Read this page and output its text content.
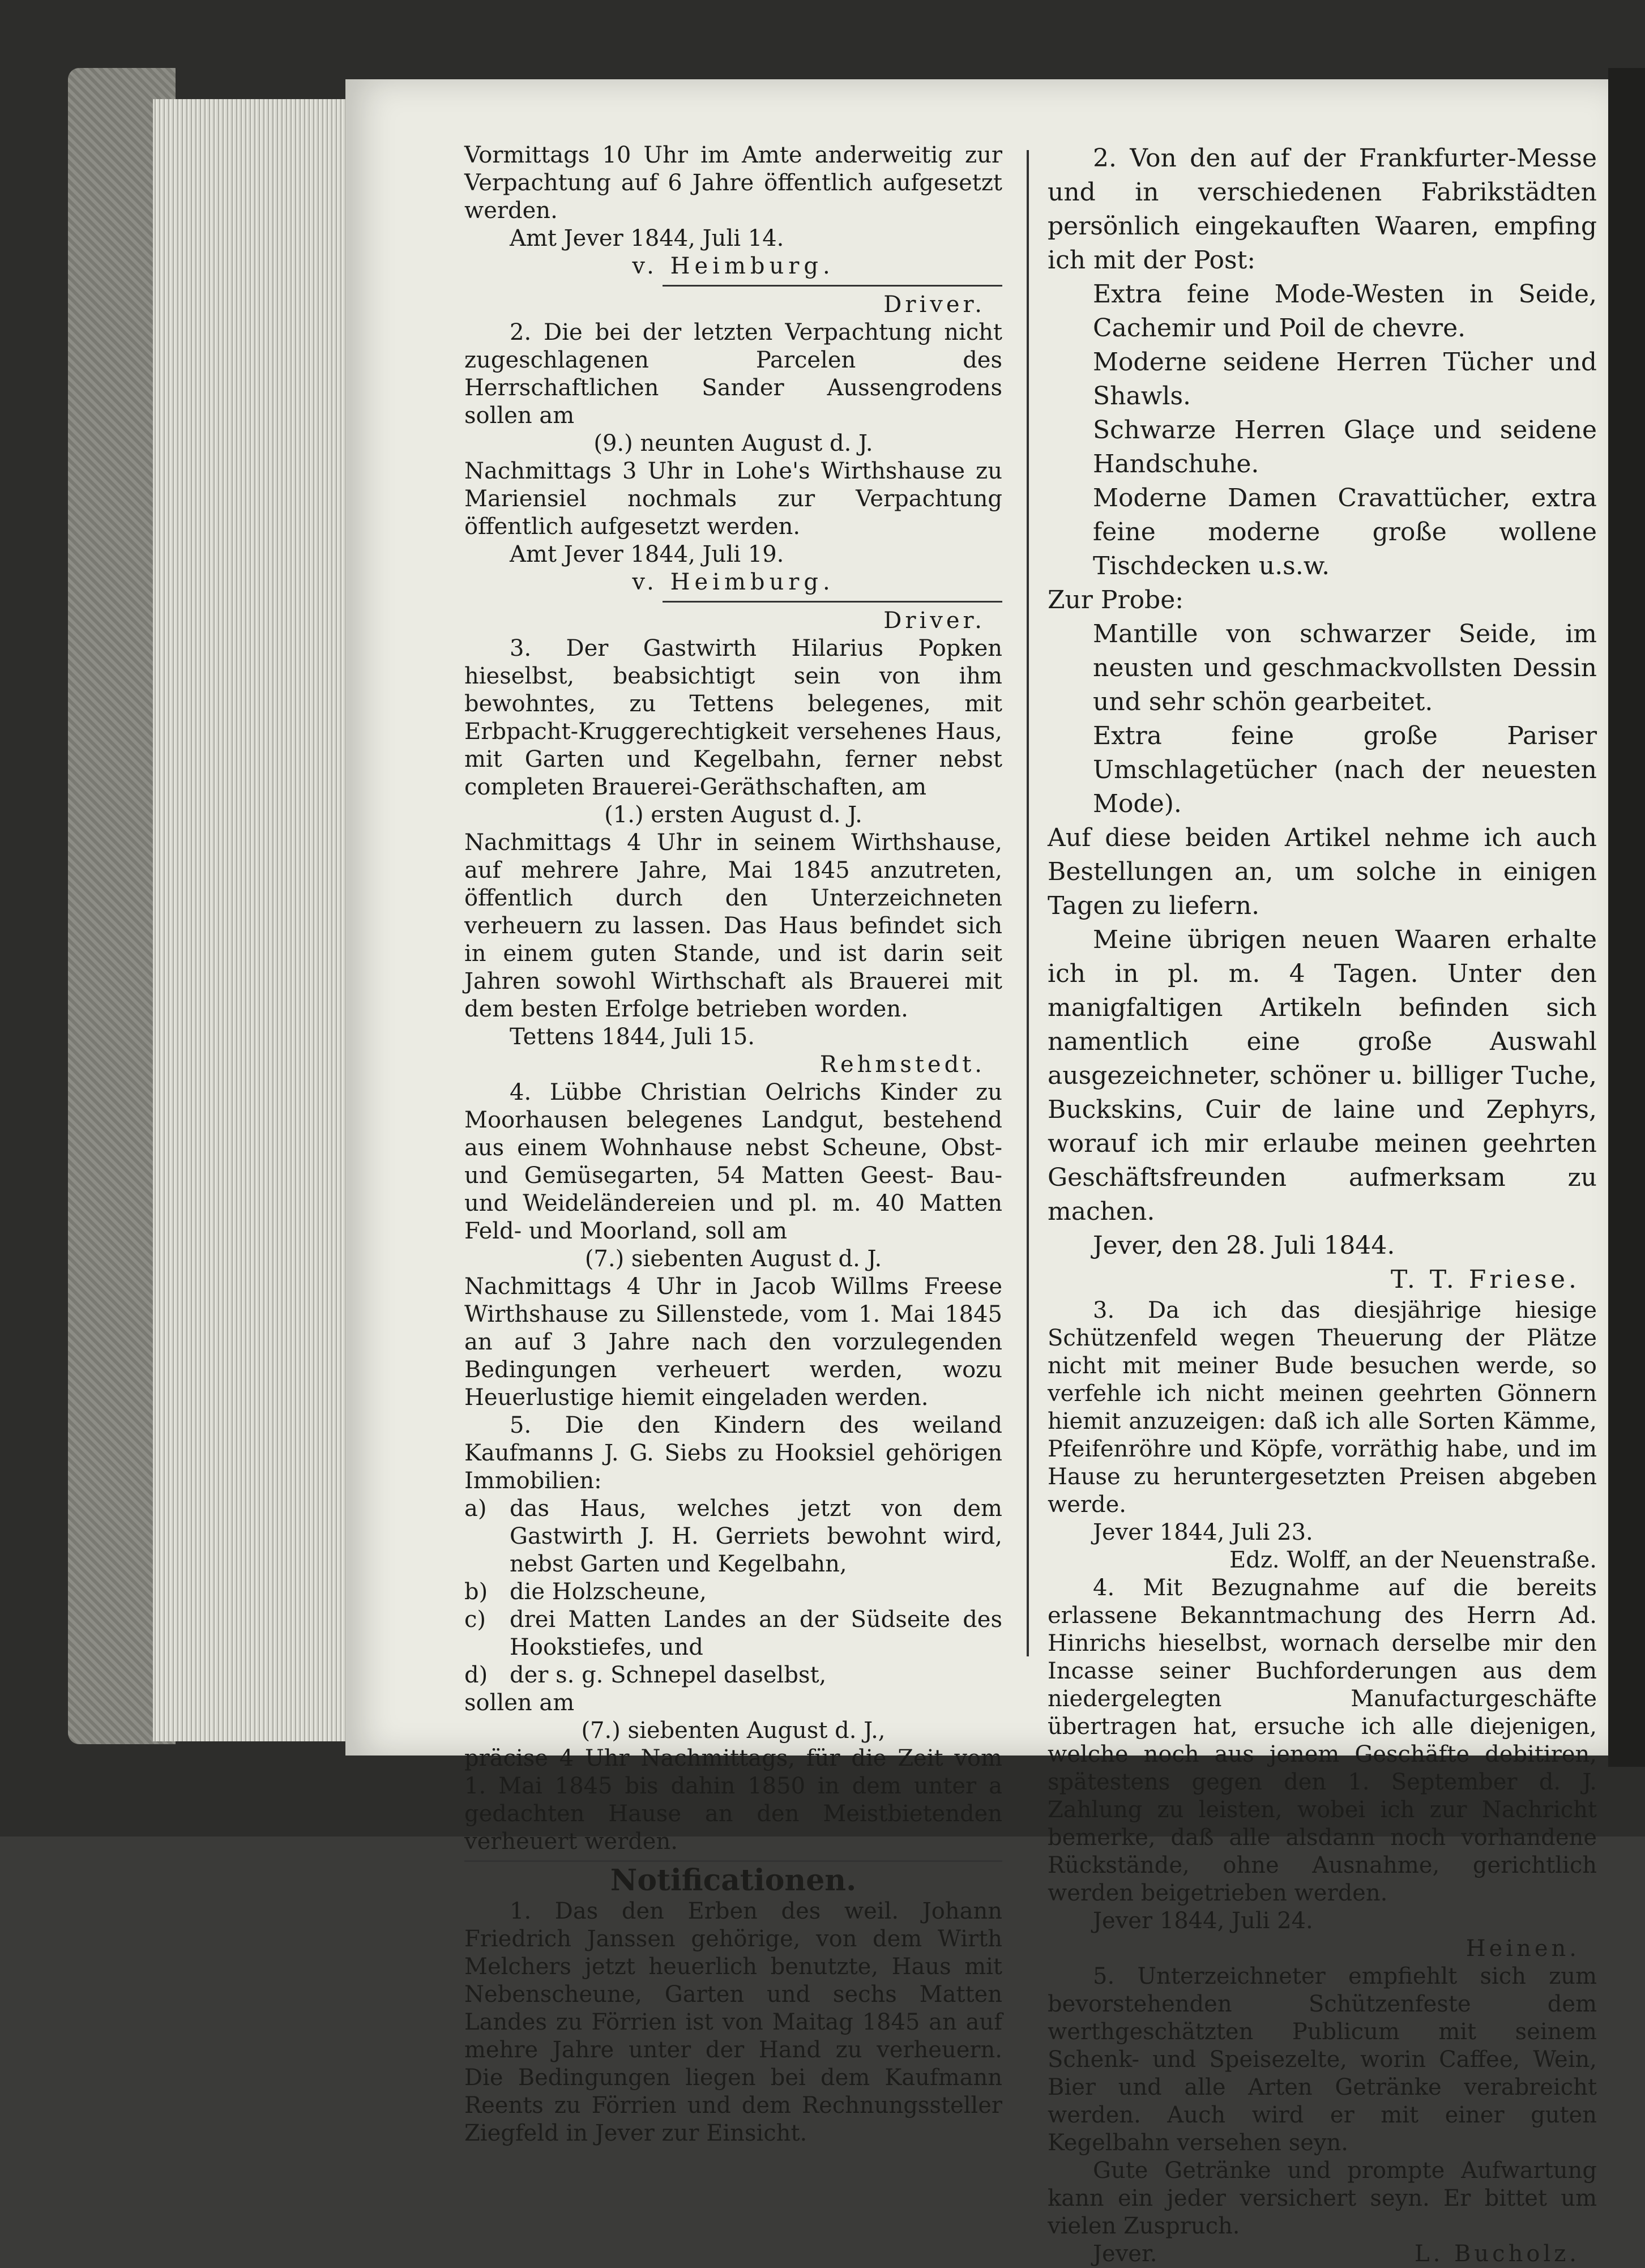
Vormittags 10 Uhr im Amte anderweitig zur Verpachtung auf 6 Jahre öffentlich aufgesetzt werden.

Amt Jever 1844, Juli 14.

v. Heimburg.

Driver.

2. Die bei der letzten Verpachtung nicht zugeschlagenen Parcelen des Herrschaftlichen Sander Aussengrodens sollen am

(9.) neunten August d. J.

Nachmittags 3 Uhr in Lohe's Wirthshause zu Mariensiel nochmals zur Verpachtung öffentlich aufgesetzt werden.

Amt Jever 1844, Juli 19.

v. Heimburg.

Driver.

3. Der Gastwirth Hilarius Popken hieselbst, beabsichtigt sein von ihm bewohntes, zu Tettens belegenes, mit Erbpacht-Kruggerechtigkeit versehenes Haus, mit Garten und Kegelbahn, ferner nebst completen Brauerei-Geräthschaften, am

(1.) ersten August d. J.

Nachmittags 4 Uhr in seinem Wirthshause, auf mehrere Jahre, Mai 1845 anzutreten, öffentlich durch den Unterzeichneten verheuern zu lassen. Das Haus befindet sich in einem guten Stande, und ist darin seit Jahren sowohl Wirthschaft als Brauerei mit dem besten Erfolge betrieben worden.

Tettens 1844, Juli 15.

Rehmstedt.

4. Lübbe Christian Oelrichs Kinder zu Moorhausen belegenes Landgut, bestehend aus einem Wohnhause nebst Scheune, Obst- und Gemüsegarten, 54 Matten Geest- Bau- und Weideländereien und pl. m. 40 Matten Feld- und Moorland, soll am

(7.) siebenten August d. J.

Nachmittags 4 Uhr in Jacob Willms Freese Wirthshause zu Sillenstede, vom 1. Mai 1845 an auf 3 Jahre nach den vorzulegenden Bedingungen verheuert werden, wozu Heuerlustige hiemit eingeladen werden.

5. Die den Kindern des weiland Kaufmanns J. G. Siebs zu Hooksiel gehörigen Immobilien:

a)	das Haus, welches jetzt von dem Gastwirth J. H. Gerriets bewohnt wird, nebst Garten und Kegelbahn,
b) die Holzscheune,
c)	drei Matten Landes an der Südseite des Hookstiefes, und
d) der s. g. Schnepel daselbst,

sollen am

(7.) siebenten August d. J.,

präcise 4 Uhr Nachmittags, für die Zeit vom 1. Mai 1845 bis dahin 1850 in dem unter a gedachten Hause an den Meistbietenden verheuert werden.

Notificationen.

1. Das den Erben des weil. Johann Friedrich Janssen gehörige, von dem Wirth Melchers jetzt heuerlich benutzte, Haus mit Nebenscheune, Garten und sechs Matten Landes zu Förrien ist von Maitag 1845 an auf mehre Jahre unter der Hand zu verheuern. Die Bedingungen liegen bei dem Kaufmann Reents zu Förrien und dem Rechnungssteller Ziegfeld in Jever zur Einsicht.

2. Von den auf der Frankfurter-Messe und in verschiedenen Fabrikstädten persönlich eingekauften Waaren, empfing ich mit der Post:

Extra feine Mode-Westen in Seide, Cachemir und Poil de chevre.

Moderne seidene Herren Tücher und Shawls.

Schwarze Herren Glaçe und seidene Handschuhe.

Moderne Damen Cravattücher, extra feine moderne große wollene Tischdecken u.s.w.

Zur Probe:

Mantille von schwarzer Seide, im neusten und geschmackvollsten Dessin und sehr schön gearbeitet.

Extra feine große Pariser Umschlagetücher (nach der neuesten Mode).

Auf diese beiden Artikel nehme ich auch Bestellungen an, um solche in einigen Tagen zu liefern.

Meine übrigen neuen Waaren erhalte ich in pl. m. 4 Tagen. Unter den manigfaltigen Artikeln befinden sich namentlich eine große Auswahl ausgezeichneter, schöner u. billiger Tuche, Buckskins, Cuir de laine und Zephyrs, worauf ich mir erlaube meinen geehrten Geschäftsfreunden aufmerksam zu machen.

Jever, den 28. Juli 1844.

T. T. Friese.

3. Da ich das diesjährige hiesige Schützenfeld wegen Theuerung der Plätze nicht mit meiner Bude besuchen werde, so verfehle ich nicht meinen geehrten Gönnern hiemit anzuzeigen: daß ich alle Sorten Kämme, Pfeifenröhre und Köpfe, vorräthig habe, und im Hause zu heruntergesetzten Preisen abgeben werde.

Jever 1844, Juli 23.

Edz. Wolff, an der Neuenstraße.

4. Mit Bezugnahme auf die bereits erlassene Bekanntmachung des Herrn Ad. Hinrichs hieselbst, wornach derselbe mir den Incasse seiner Buchforderungen aus dem niedergelegten Manufacturgeschäfte übertragen hat, ersuche ich alle diejenigen, welche noch aus jenem Geschäfte debitiren, spätestens gegen den 1. September d. J. Zahlung zu leisten, wobei ich zur Nachricht bemerke, daß alle alsdann noch vorhandene Rückstände, ohne Ausnahme, gerichtlich werden beigetrieben werden.

Jever 1844, Juli 24.

Heinen.

5. Unterzeichneter empfiehlt sich zum bevorstehenden Schützenfeste dem werthgeschätzten Publicum mit seinem Schenk- und Speisezelte, worin Caffee, Wein, Bier und alle Arten Getränke verabreicht werden. Auch wird er mit einer guten Kegelbahn versehen seyn.

Gute Getränke und prompte Aufwartung kann ein jeder versichert seyn. Er bittet um vielen Zuspruch.

Jever.	L. Bucholz.
